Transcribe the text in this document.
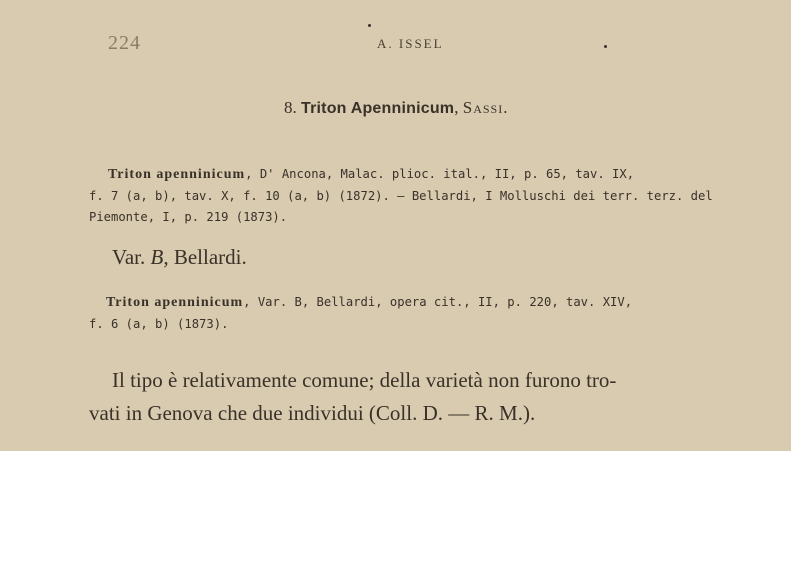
224	A. ISSEL
8. Triton Apenninicum, Sassi.
Triton apenninicum, D' Ancona, Malac. plioc. ital., II, p. 65, tav. IX,
f. 7 (a, b), tav. X, f. 10 (a, b) (1872). — Bellardi, I Molluschi dei terr. terz. del
Piemonte, I, p. 219 (1873).
Var. B, Bellardi.
Triton apenninicum, Var. B, Bellardi, opera cit., II, p. 220, tav. XIV,
f. 6 (a, b) (1873).
Il tipo è relativamente comune; della varietà non furono tro-
vati in Genova che due individui (Coll. D. — R. M.).
